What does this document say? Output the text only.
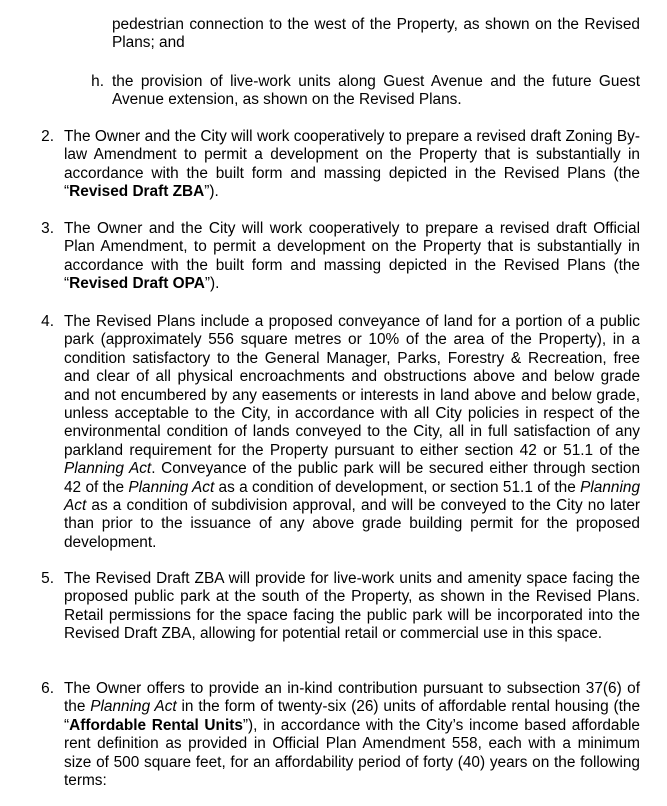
pedestrian connection to the west of the Property, as shown on the Revised Plans; and
h. the provision of live-work units along Guest Avenue and the future Guest Avenue extension, as shown on the Revised Plans.
2. The Owner and the City will work cooperatively to prepare a revised draft Zoning By-law Amendment to permit a development on the Property that is substantially in accordance with the built form and massing depicted in the Revised Plans (the “Revised Draft ZBA”).
3. The Owner and the City will work cooperatively to prepare a revised draft Official Plan Amendment, to permit a development on the Property that is substantially in accordance with the built form and massing depicted in the Revised Plans (the “Revised Draft OPA”).
4. The Revised Plans include a proposed conveyance of land for a portion of a public park (approximately 556 square metres or 10% of the area of the Property), in a condition satisfactory to the General Manager, Parks, Forestry & Recreation, free and clear of all physical encroachments and obstructions above and below grade and not encumbered by any easements or interests in land above and below grade, unless acceptable to the City, in accordance with all City policies in respect of the environmental condition of lands conveyed to the City, all in full satisfaction of any parkland requirement for the Property pursuant to either section 42 or 51.1 of the Planning Act. Conveyance of the public park will be secured either through section 42 of the Planning Act as a condition of development, or section 51.1 of the Planning Act as a condition of subdivision approval, and will be conveyed to the City no later than prior to the issuance of any above grade building permit for the proposed development.
5. The Revised Draft ZBA will provide for live-work units and amenity space facing the proposed public park at the south of the Property, as shown in the Revised Plans. Retail permissions for the space facing the public park will be incorporated into the Revised Draft ZBA, allowing for potential retail or commercial use in this space.
6. The Owner offers to provide an in-kind contribution pursuant to subsection 37(6) of the Planning Act in the form of twenty-six (26) units of affordable rental housing (the “Affordable Rental Units”), in accordance with the City’s income based affordable rent definition as provided in Official Plan Amendment 558, each with a minimum size of 500 square feet, for an affordability period of forty (40) years on the following terms:
